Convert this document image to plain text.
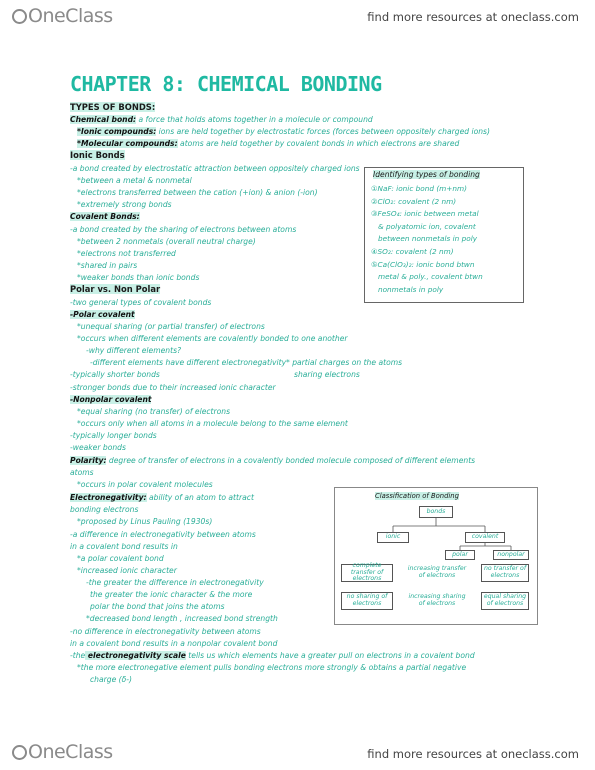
OneClass	find more resources at oneclass.com
CHAPTER 8: CHEMICAL BONDING
TYPES OF BONDS:
Chemical bond: a force that holds atoms together in a molecule or compound
*Ionic compounds: ions are held together by electrostatic forces (forces between oppositely charged ions)
*Molecular compounds: atoms are held together by covalent bonds in which electrons are shared
Ionic Bonds
-a bond created by electrostatic attraction between oppositely charged ions
*between a metal & nonmetal
*electrons transferred between the cation (+ion) & anion (-ion)
*extremely strong bonds
Covalent Bonds:
-a bond created by the sharing of electrons between atoms
*between 2 nonmetals (overall neutral charge)
*electrons not transferred
*shared in pairs
*weaker bonds than ionic bonds
Polar vs. Non Polar
-two general types of covalent bonds
-Polar covalent
*unequal sharing (or partial transfer) of electrons
*occurs when different elements are covalently bonded to one another
-why different elements?
-different elements have different electronegativity * partial charges on the atoms
-typically shorter bonds	sharing electrons
-stronger bonds due to their increased ionic character
-Nonpolar covalent
*equal sharing (no transfer) of electrons
*occurs only when all atoms in a molecule belong to the same element
-typically longer bonds
-weaker bonds
Polarity: degree of transfer of electrons in a covalently bonded molecule composed of different elements
atoms
*occurs in polar covalent molecules
Electronegativity: ability of an atom to attract
bonding electrons
*proposed by Linus Pauling (1930s)
-a difference in electronegativity between atoms
in a covalent bond results in
*a polar covalent bond
*increased ionic character
-the greater the difference in electronegativity
the greater the ionic character & the more
polar the bond that joins the atoms
*decreased bond length , increased bond strength
-no difference in electronegativity between atoms
in a covalent bond results in a nonpolar covalent bond
-the electronegativity scale tells us which elements have a greater pull on electrons in a covalent bond
*the more electronegative element pulls bonding electrons more strongly & obtains a partial negative
charge (δ-)
Identifying types of bonding
①NaF: ionic bond (m+nm)
②ClO₂: covalent (2 nm)
③FeSO₄: ionic between metal
& polyatomic ion, covalent
between nonmetals in poly
④SO₂: covalent (2 nm)
⑤Ca(ClO₃)₂: ionic bond btwn
metal & poly., covalent btwn
nonmetals in poly
Classification of Bonding
bonds
ionic	covalent
polar	nonpolar
complete transfer of electrons
increasing transfer of electrons
no transfer of electrons
no sharing of electrons
increasing sharing of electrons
equal sharing of electrons
OneClass	find more resources at oneclass.com
